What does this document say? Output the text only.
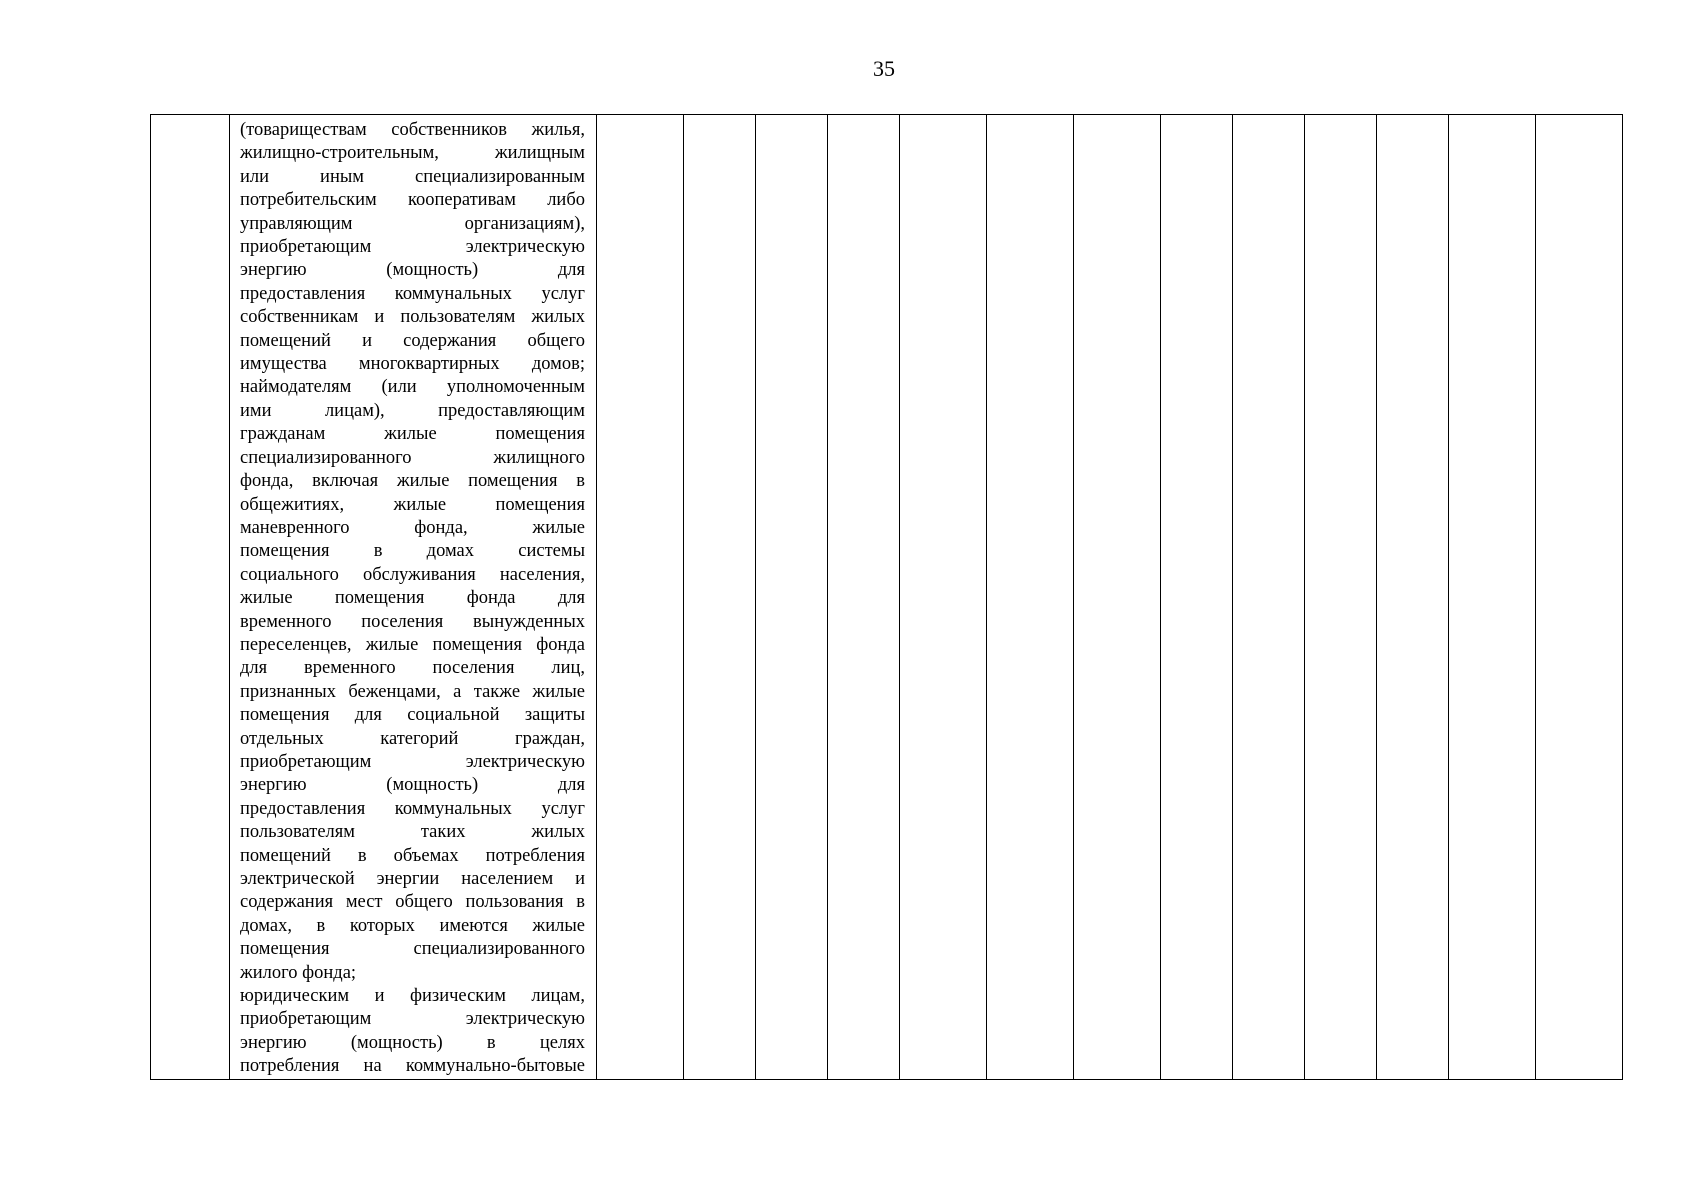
35

(товариществам собственников жилья,
жилищно-строительным, жилищным
или иным специализированным
потребительским кооперативам либо
управляющим организациям),
приобретающим электрическую
энергию (мощность) для
предоставления коммунальных услуг
собственникам и пользователям жилых
помещений и содержания общего
имущества многоквартирных домов;
наймодателям (или уполномоченным
ими лицам), предоставляющим
гражданам жилые помещения
специализированного жилищного
фонда, включая жилые помещения в
общежитиях, жилые помещения
маневренного фонда, жилые
помещения в домах системы
социального обслуживания населения,
жилые помещения фонда для
временного поселения вынужденных
переселенцев, жилые помещения фонда
для временного поселения лиц,
признанных беженцами, а также жилые
помещения для социальной защиты
отдельных категорий граждан,
приобретающим электрическую
энергию (мощность) для
предоставления коммунальных услуг
пользователям таких жилых
помещений в объемах потребления
электрической энергии населением и
содержания мест общего пользования в
домах, в которых имеются жилые
помещения специализированного
жилого фонда;
юридическим и физическим лицам,
приобретающим электрическую
энергию (мощность) в целях
потребления на коммунально-бытовые
